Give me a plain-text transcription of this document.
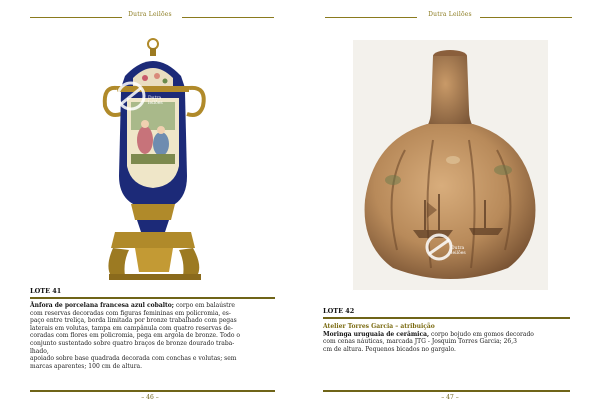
Dutra Leilões
Dutra
leilões
LOTE 41
Ânfora de porcelana francesa azul cobalto; corpo em balaústre
com reservas decoradas com figuras femininas em policromia, es-
paço entre treliça, borda limitada por bronze trabalhado com pegas
laterais em volutas, tampa em campânula com quatro reservas de-
coradas com flores em policromia, pega em argola de bronze. Todo o
conjunto sustentado sobre quatro braços de bronze dourado traba-
lhado,
apoiado sobre base quadrada decorada com conchas e volutas; sem
marcas aparentes; 100 cm de altura.
– 46 –
Dutra Leilões
Dutra
leilões
LOTE 42
Atelier Torres Garcia – atribuição
Moringa uruguaia de cerâmica, corpo bojudo em gomos decorado
com cenas náuticas, marcada JTG - Josquim Torres Garcia; 26,3
cm de altura. Pequenos bicados no gargalo.
– 47 –
